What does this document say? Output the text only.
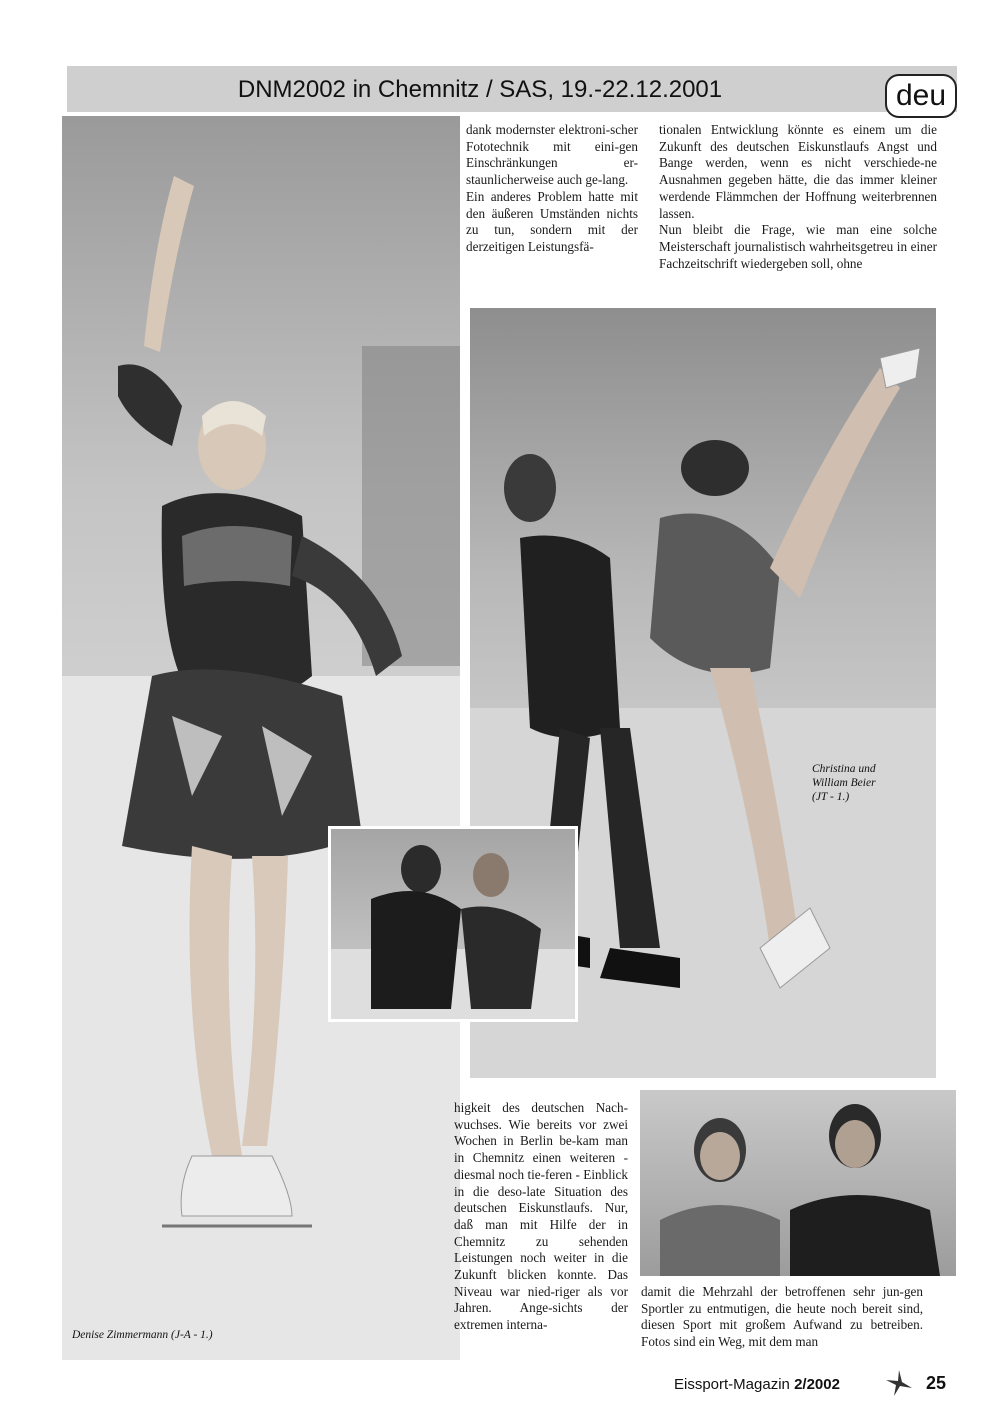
DNM2002 in Chemnitz / SAS, 19.-22.12.2001	deu

dank modernster elektroni-scher Fototechnik mit eini-gen Einschränkungen er-staunlicherweise auch ge-lang.

Ein anderes Problem hatte mit den äußeren Umständen nichts zu tun, sondern mit der derzeitigen Leistungsfä-

tionalen Entwicklung könnte es einem um die Zukunft des deutschen Eiskunstlaufs Angst und Bange werden, wenn es nicht verschiede-ne Ausnahmen gegeben hätte, die das immer kleiner werdende Flämmchen der Hoffnung weiterbrennen lassen.

Nun bleibt die Frage, wie man eine solche Meisterschaft journalistisch wahrheitsgetreu in einer Fachzeitschrift wiedergeben soll, ohne

higkeit des deutschen Nach-wuchses. Wie bereits vor zwei Wochen in Berlin be-kam man in Chemnitz einen weiteren - diesmal noch tie-feren - Einblick in die deso-late Situation des deutschen Eiskunstlaufs. Nur, daß man mit Hilfe der in Chemnitz zu sehenden Leistungen noch weiter in die Zukunft blicken konnte. Das Niveau war nied-riger als vor Jahren. Ange-sichts der extremen interna-

damit die Mehrzahl der betroffenen sehr jun-gen Sportler zu entmutigen, die heute noch bereit sind, diesen Sport mit großem Aufwand zu betreiben. Fotos sind ein Weg, mit dem man

Denise Zimmermann (J-A - 1.)
Christina und
William Beier
(JT - 1.)
Eissport-Magazin 2/2002	25
